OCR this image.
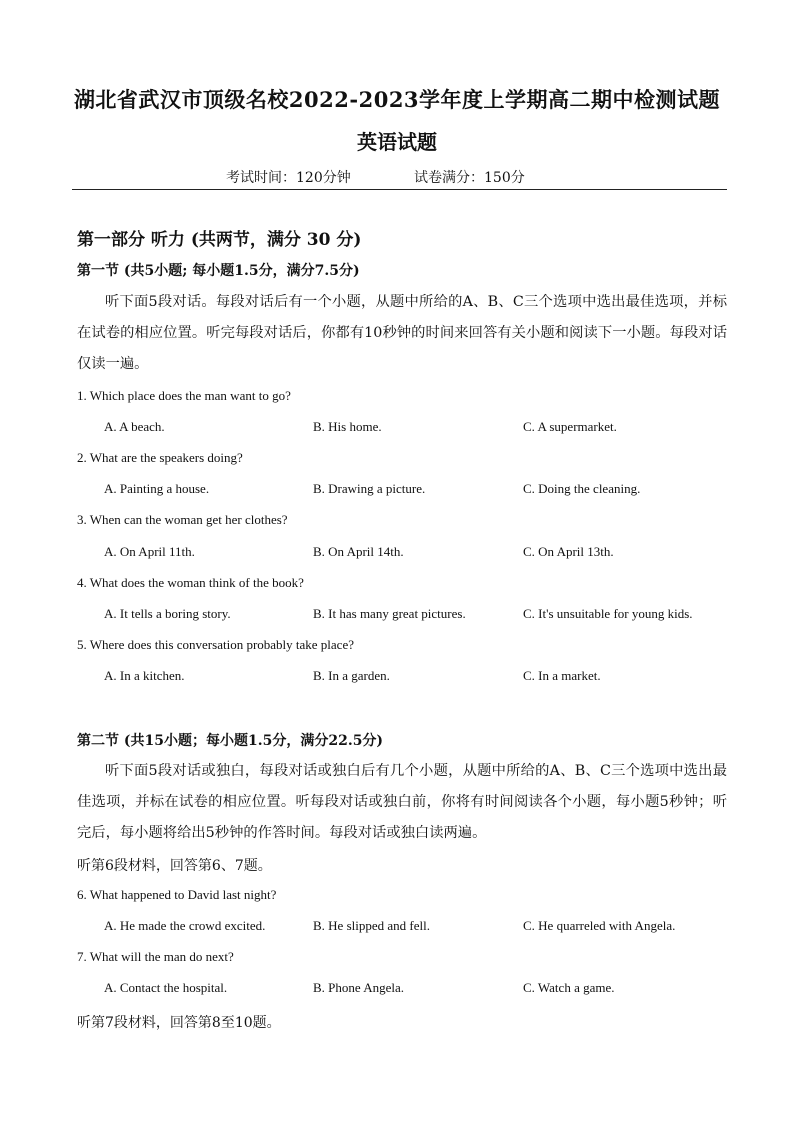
湖北省武汉市顶级名校2022-2023学年度上学期高二期中检测试题
英语试题
考试时间：120分钟	试卷满分：150分
第一部分 听力 (共两节，满分 30 分)
第一节 (共5小题; 每小题1.5分，满分7.5分)
听下面5段对话。每段对话后有一个小题，从题中所给的A、B、C三个选项中选出最佳选项，并标在试卷的相应位置。听完每段对话后，你都有10秒钟的时间来回答有关小题和阅读下一小题。每段对话仅读一遍。
1. Which place does the man want to go?
A. A beach.	B. His home.	C. A supermarket.
2. What are the speakers doing?
A. Painting a house.	B. Drawing a picture.	C. Doing the cleaning.
3. When can the woman get her clothes?
A. On April 11th.	B. On April 14th.	C. On April 13th.
4. What does the woman think of the book?
A. It tells a boring story.	B. It has many great pictures.	C. It's unsuitable for young kids.
5. Where does this conversation probably take place?
A. In a kitchen.	B. In a garden.	C. In a market.
第二节 (共15小题；每小题1.5分，满分22.5分)
听下面5段对话或独白，每段对话或独白后有几个小题，从题中所给的A、B、C三个选项中选出最佳选项，并标在试卷的相应位置。听每段对话或独白前，你将有时间阅读各个小题，每小题5秒钟；听完后，每小题将给出5秒钟的作答时间。每段对话或独白读两遍。
听第6段材料，回答第6、7题。
6. What happened to David last night?
A. He made the crowd excited.	B. He slipped and fell.	C. He quarreled with Angela.
7. What will the man do next?
A. Contact the hospital.	B. Phone Angela.	C. Watch a game.
听第7段材料，回答第8至10题。
